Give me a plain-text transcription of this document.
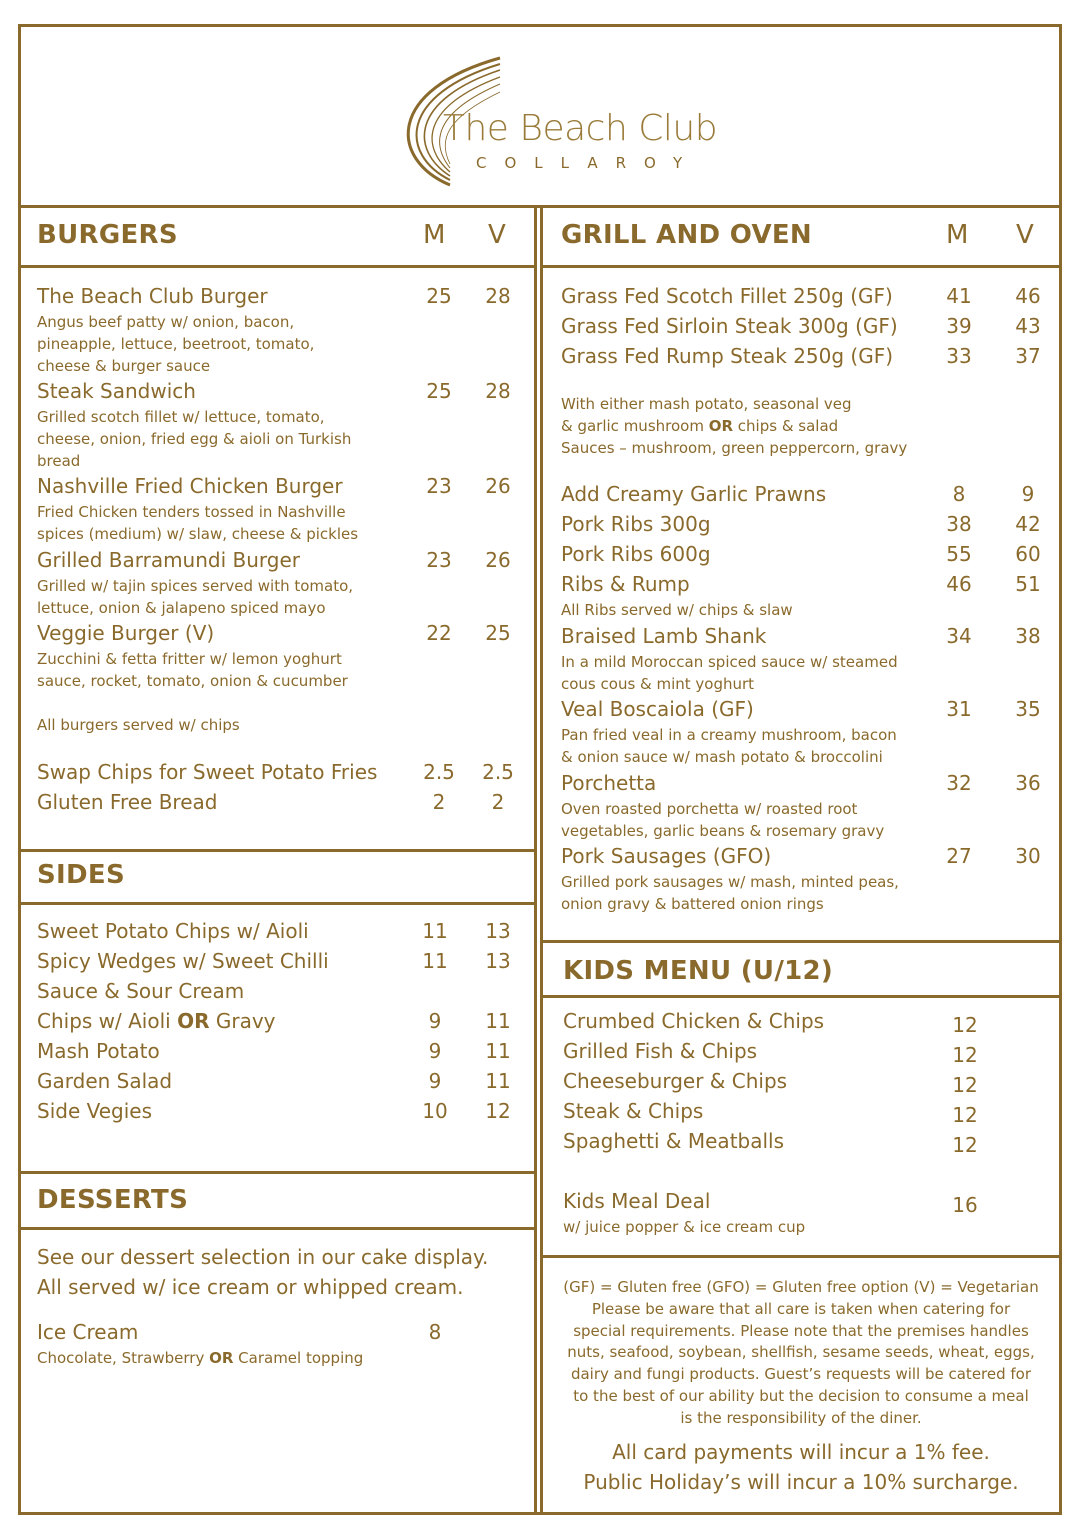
The Beach Club
COLLAROY
BURGERS	M V
The Beach Club Burger	25	28
Angus beef patty w/ onion, bacon,
pineapple, lettuce, beetroot, tomato,
cheese & burger sauce
Steak Sandwich	25	28
Grilled scotch fillet w/ lettuce, tomato,
cheese, onion, fried egg & aioli on Turkish
bread
Nashville Fried Chicken Burger	23	26
Fried Chicken tenders tossed in Nashville
spices (medium) w/ slaw, cheese & pickles
Grilled Barramundi Burger	23	26
Grilled w/ tajin spices served with tomato,
lettuce, onion & jalapeno spiced mayo
Veggie Burger (V)	22	25
Zucchini & fetta fritter w/ lemon yoghurt
sauce, rocket, tomato, onion & cucumber
All burgers served w/ chips
Swap Chips for Sweet Potato Fries	2.5	2.5
Gluten Free Bread	2	2
SIDES
Sweet Potato Chips w/ Aioli	11	13
Spicy Wedges w/ Sweet Chilli	11	13
Sauce & Sour Cream
Chips w/ Aioli OR Gravy	9	11
Mash Potato	9	11
Garden Salad	9	11
Side Vegies	10	12
DESSERTS
See our dessert selection in our cake display.
All served w/ ice cream or whipped cream.
Ice Cream	8
Chocolate, Strawberry OR Caramel topping
GRILL AND OVEN	M V
Grass Fed Scotch Fillet 250g (GF)	41	46
Grass Fed Sirloin Steak 300g (GF)	39	43
Grass Fed Rump Steak 250g (GF)	33	37
With either mash potato, seasonal veg
& garlic mushroom OR chips & salad
Sauces – mushroom, green peppercorn, gravy
Add Creamy Garlic Prawns	8	9
Pork Ribs 300g	38	42
Pork Ribs 600g	55	60
Ribs & Rump	46	51
All Ribs served w/ chips & slaw
Braised Lamb Shank	34	38
In a mild Moroccan spiced sauce w/ steamed
cous cous & mint yoghurt
Veal Boscaiola (GF)	31	35
Pan fried veal in a creamy mushroom, bacon
& onion sauce w/ mash potato & broccolini
Porchetta	32	36
Oven roasted porchetta w/ roasted root
vegetables, garlic beans & rosemary gravy
Pork Sausages (GFO)	27	30
Grilled pork sausages w/ mash, minted peas,
onion gravy & battered onion rings
KIDS MENU (U/12)
Crumbed Chicken & Chips	12
Grilled Fish & Chips	12
Cheeseburger & Chips	12
Steak & Chips	12
Spaghetti & Meatballs	12
Kids Meal Deal	16
w/ juice popper & ice cream cup
(GF) = Gluten free (GFO) = Gluten free option (V) = Vegetarian
Please be aware that all care is taken when catering for
special requirements. Please note that the premises handles
nuts, seafood, soybean, shellfish, sesame seeds, wheat, eggs,
dairy and fungi products. Guest’s requests will be catered for
to the best of our ability but the decision to consume a meal
is the responsibility of the diner.
All card payments will incur a 1% fee.
Public Holiday’s will incur a 10% surcharge.
